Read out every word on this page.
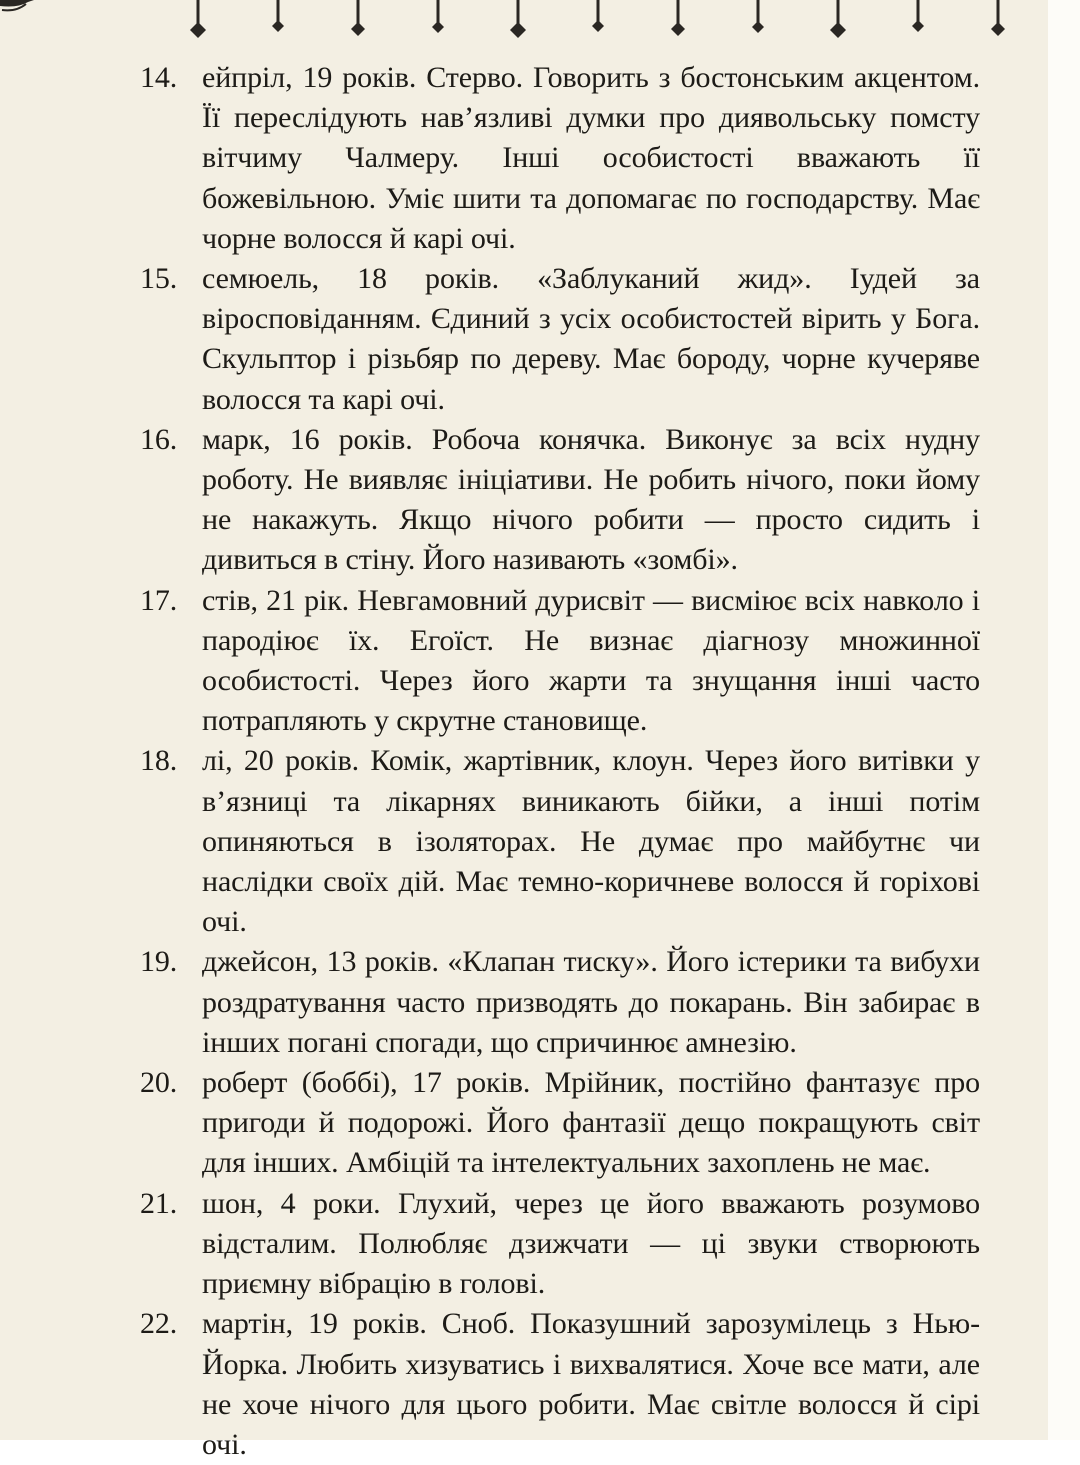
14. ейпріл, 19 років. Стерво. Говорить з бостонським акцентом. Її переслідують нав’язливі думки про диявольську помсту вітчиму Чалмеру. Інші особистості вважають її божевільною. Уміє шити та допомагає по господарству. Має чорне волосся й карі очі.
15. семюель, 18 років. «Заблуканий жид». Іудей за віросповіданням. Єдиний з усіх особистостей вірить у Бога. Скульптор і різьбяр по дереву. Має бороду, чорне кучеряве волосся та карі очі.
16. марк, 16 років. Робоча конячка. Виконує за всіх нудну роботу. Не виявляє ініціативи. Не робить нічого, поки йому не накажуть. Якщо нічого робити — просто сидить і дивиться в стіну. Його називають «зомбі».
17. стів, 21 рік. Невгамовний дурисвіт — висміює всіх навколо і пародіює їх. Егоїст. Не визнає діагнозу множинної особистості. Через його жарти та знущання інші часто потрапляють у скрутне становище.
18. лі, 20 років. Комік, жартівник, клоун. Через його витівки у в’язниці та лікарнях виникають бійки, а інші потім опиняються в ізоляторах. Не думає про майбутнє чи наслідки своїх дій. Має темно-коричневе волосся й горіхові очі.
19. джейсон, 13 років. «Клапан тиску». Його істерики та вибухи роздратування часто призводять до покарань. Він забирає в інших погані спогади, що спричинює амнезію.
20. роберт (боббі), 17 років. Мрійник, постійно фантазує про пригоди й подорожі. Його фантазії дещо покращують світ для інших. Амбіцій та інтелектуальних захоплень не має.
21. шон, 4 роки. Глухий, через це його вважають розумово відсталим. Полюбляє дзижчати — ці звуки створюють приємну вібрацію в голові.
22. мартін, 19 років. Сноб. Показушний зарозумілець з Нью-Йорка. Любить хизуватись і вихвалятися. Хоче все мати, але не хоче нічого для цього робити. Має світле волосся й сірі очі.
